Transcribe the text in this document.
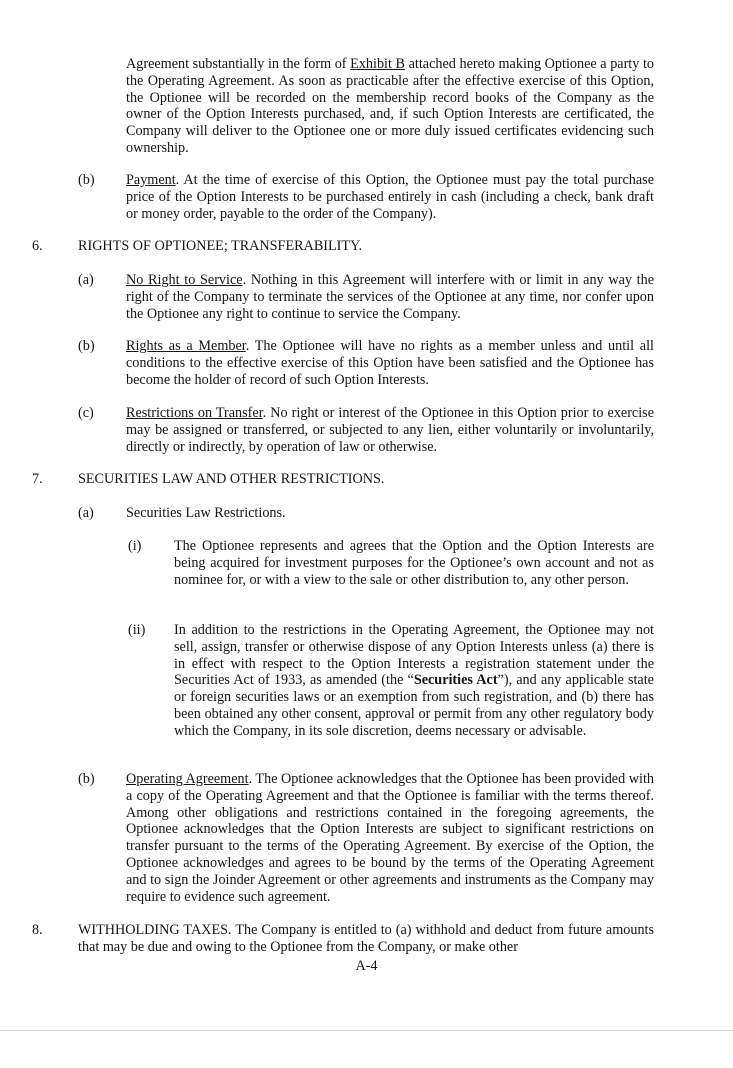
Agreement substantially in the form of Exhibit B attached hereto making Optionee a party to the Operating Agreement. As soon as practicable after the effective exercise of this Option, the Optionee will be recorded on the membership record books of the Company as the owner of the Option Interests purchased, and, if such Option Interests are certificated, the Company will deliver to the Optionee one or more duly issued certificates evidencing such ownership.
(b) Payment. At the time of exercise of this Option, the Optionee must pay the total purchase price of the Option Interests to be purchased entirely in cash (including a check, bank draft or money order, payable to the order of the Company).
6. RIGHTS OF OPTIONEE; TRANSFERABILITY.
(a) No Right to Service. Nothing in this Agreement will interfere with or limit in any way the right of the Company to terminate the services of the Optionee at any time, nor confer upon the Optionee any right to continue to service the Company.
(b) Rights as a Member. The Optionee will have no rights as a member unless and until all conditions to the effective exercise of this Option have been satisfied and the Optionee has become the holder of record of such Option Interests.
(c) Restrictions on Transfer. No right or interest of the Optionee in this Option prior to exercise may be assigned or transferred, or subjected to any lien, either voluntarily or involuntarily, directly or indirectly, by operation of law or otherwise.
7. SECURITIES LAW AND OTHER RESTRICTIONS.
(a) Securities Law Restrictions.
(i) The Optionee represents and agrees that the Option and the Option Interests are being acquired for investment purposes for the Optionee’s own account and not as nominee for, or with a view to the sale or other distribution to, any other person.
(ii) In addition to the restrictions in the Operating Agreement, the Optionee may not sell, assign, transfer or otherwise dispose of any Option Interests unless (a) there is in effect with respect to the Option Interests a registration statement under the Securities Act of 1933, as amended (the “Securities Act”), and any applicable state or foreign securities laws or an exemption from such registration, and (b) there has been obtained any other consent, approval or permit from any other regulatory body which the Company, in its sole discretion, deems necessary or advisable.
(b) Operating Agreement. The Optionee acknowledges that the Optionee has been provided with a copy of the Operating Agreement and that the Optionee is familiar with the terms thereof. Among other obligations and restrictions contained in the foregoing agreements, the Optionee acknowledges that the Option Interests are subject to significant restrictions on transfer pursuant to the terms of the Operating Agreement. By exercise of the Option, the Optionee acknowledges and agrees to be bound by the terms of the Operating Agreement and to sign the Joinder Agreement or other agreements and instruments as the Company may require to evidence such agreement.
8. WITHHOLDING TAXES. The Company is entitled to (a) withhold and deduct from future amounts that may be due and owing to the Optionee from the Company, or make other
A-4
